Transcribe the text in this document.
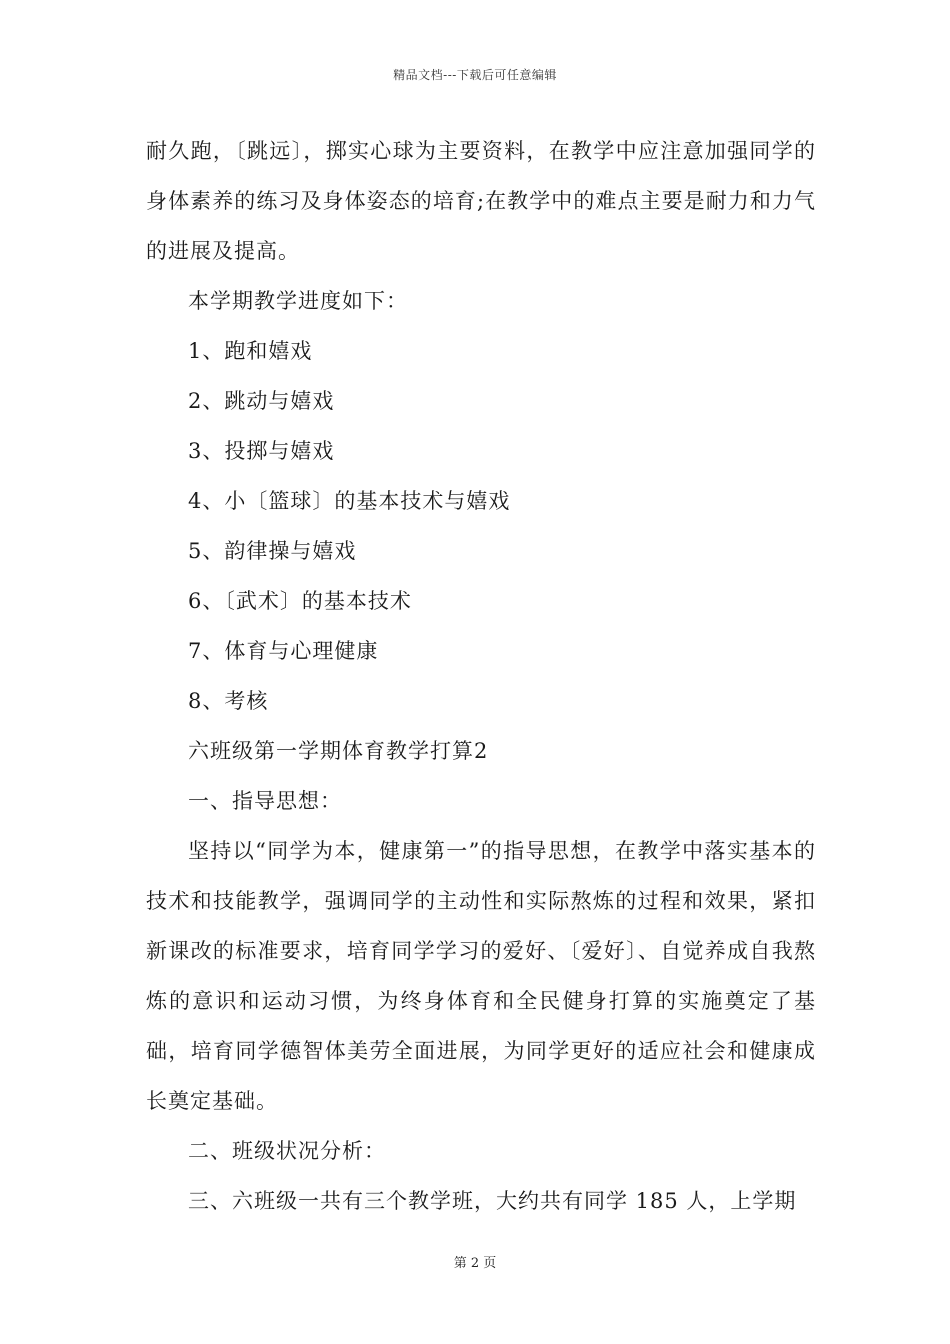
精品文档---下载后可任意编辑

耐久跑，〔跳远〕，掷实心球为主要资料，在教学中应注意加强同学的身体素养的练习及身体姿态的培育;在教学中的难点主要是耐力和力气的进展及提高。

本学期教学进度如下：

1、跑和嬉戏

2、跳动与嬉戏

3、投掷与嬉戏

4、小〔篮球〕的基本技术与嬉戏

5、韵律操与嬉戏

6、〔武术〕的基本技术

7、体育与心理健康

8、考核

六班级第一学期体育教学打算2

一、指导思想：

坚持以“同学为本，健康第一”的指导思想，在教学中落实基本的技术和技能教学，强调同学的主动性和实际熬炼的过程和效果，紧扣新课改的标准要求，培育同学学习的爱好、〔爱好〕、自觉养成自我熬炼的意识和运动习惯，为终身体育和全民健身打算的实施奠定了基础，培育同学德智体美劳全面进展，为同学更好的适应社会和健康成长奠定基础。

二、班级状况分析：

三、六班级一共有三个教学班，大约共有同学 185 人，上学期

第 2 页
